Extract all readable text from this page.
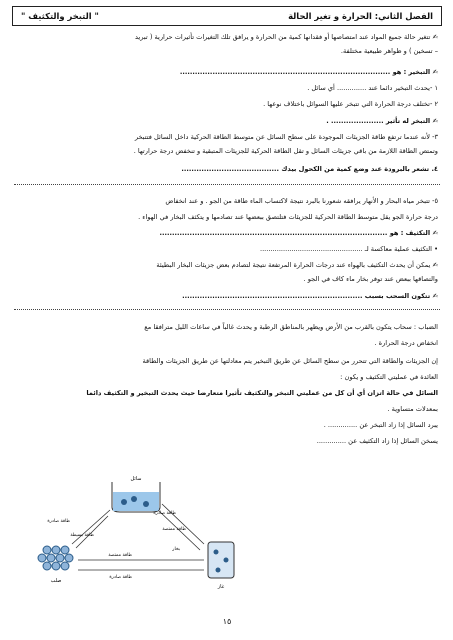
الفصل الثاني: الحرارة و تغير الحالة
" التبخر والتكثيف "
✍ تتغير حالة جميع المواد عند امتصاصها أو فقدانها كمية من الحرارة و يرافق تلك التغيرات تأثيرات حرارية ( تبريد
– تسخين ) و ظواهر طبيعية مختلفة.
✍ التبخير : هو ....................................................................................
١ -يحدث التبخير دائما عند .............. أي سائل .
٢ -تختلف درجة الحرارة التي تتبخر عليها السوائل باختلاف نوعها .
✍ التبخر له تأثير ..................... .
٣- لأنه عندما ترتفع طاقة الجزيئات الموجودة على سطح السائل عن متوسط الطاقة الحركية داخل السائل فتتبخر
وتمتص الطاقة اللازمة من باقي جزيئات السائل و تقل الطاقة الحركية للجزيئات المتبقية و تنخفض درجة حرارتها .
٤. تشعر بالبرودة عند وضع كمية من الكحول بيدك .......................................
٥- تتبخر مياه البحار و الأنهار يرافقه شعورنا بالبرد نتيجة لاكتساب الماء طاقة من الجو . و عند انخفاض
درجة حرارة الجو يقل متوسط الطاقة الحركية للجزيئات فتلتصق ببعضها عند تصادمها و يتكثف البخار في الهواء .
✍ التكثيف : هو ...........................................................................................
• التكثيف عملية معاكسة لـ .................................................
✍ يمكن أن يحدث التكثيف بالهواء عند درجات الحرارة المرتفعة نتيجة لتصادم بعض جزيئات البخار البطيئة
والتصاقها ببعض عند توفر بخار ماء كاف في الجو .
✍ تتكون السحب بسبب ........................................................................
الضباب : سحاب يتكون بالقرب من الأرض ويظهر بالمناطق الرطبة و يحدث غالباً في ساعات الليل مترافقا مع
انخفاض درجة الحرارة .
إن الجزيئات والطاقة التي تتحرر من سطح السائل عن طريق التبخير يتم معادلتها عن طريق الجزيئات والطاقة
العائدة في عمليتي التكثيف و يكون :
السائل في حالة اتزان أي أن كل من عمليتي التبخر والتكثيف تأثيرا متعارضا حيث يحدث التبخير و التكثيف دائما
بمعدلات متساوية .
يبرد السائل إذا زاد التبخر عن .............. .
يسخن السائل إذا زاد التكثيف عن ..............
صلب
سائل
غاز
طاقة صادرة
طاقة صادرة
طاقة ممتصة
طاقة بسيطة
طاقة ممتصة
طاقة صادرة
بخار
١٥
